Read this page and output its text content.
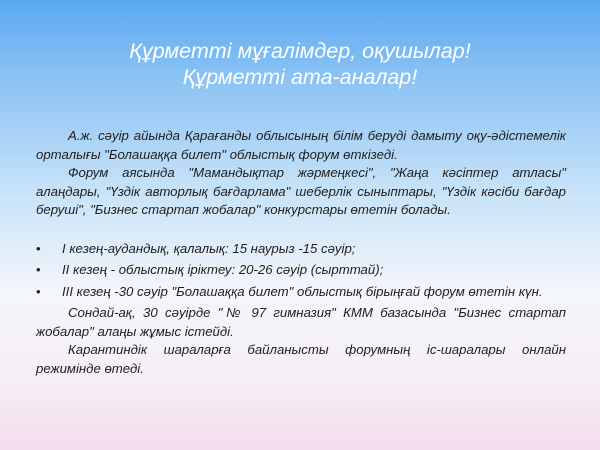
Құрметті мұғалімдер, оқушылар!
Құрметті ата-аналар!

А.ж. сәуір айында Қарағанды облысының білім беруді дамыту оқу-әдістемелік орталығы "Болашаққа билет" облыстық форум өткізеді.

Форум аясында "Мамандықтар жәрмеңкесі", "Жаңа кәсіптер атласы" алаңдары, "Үздік авторлық бағдарлама" шеберлік сыныптары, "Үздік кәсіби бағдар беруші", "Бизнес стартап жобалар" конкурстары өтетін болады.

• І кезең-аудандық, қалалық: 15 наурыз -15 сәуір;
• ІІ кезең - облыстық іріктеу: 20-26 сәуір (сырттай);
• ІІІ кезең -30 сәуір "Болашаққа билет" облыстық бірыңғай форум өтетін күн.

Сондай-ақ, 30 сәуірде "№ 97 гимназия" КММ базасында "Бизнес стартап жобалар" алаңы жұмыс істейді.

Карантиндік шараларға байланысты форумның іс-шаралары онлайн режимінде өтеді.
